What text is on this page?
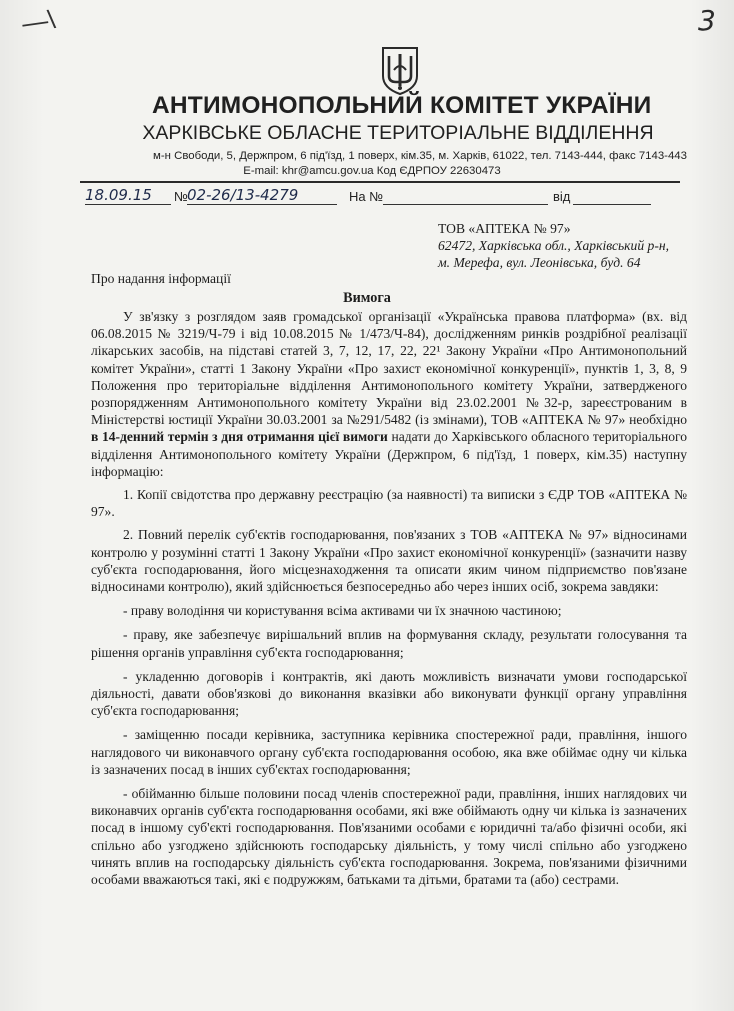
—\	3
АНТИМОНОПОЛЬНИЙ КОМІТЕТ УКРАЇНИ
ХАРКІВСЬКЕ ОБЛАСНЕ ТЕРИТОРІАЛЬНЕ ВІДДІЛЕННЯ
м-н Свободи, 5, Держпром, 6 під'їзд, 1 поверх, кім.35, м. Харків, 61022, тел. 7143-444, факс 7143-443
E-mail: khr@amcu.gov.ua Код ЄДРПОУ 22630473
18.09.15 № 02-26/13-4279	На №	від
ТОВ «АПТЕКА № 97»
62472, Харківська обл., Харківський р-н,
м. Мерефа, вул. Леонівська, буд. 64
Про надання інформації
Вимога

У зв'язку з розглядом заяв громадської організації «Українська правова платформа» (вх. від 06.08.2015 № 3219/Ч-79 і від 10.08.2015 № 1/473/Ч-84), дослідженням ринків роздрібної реалізації лікарських засобів, на підставі статей 3, 7, 12, 17, 22, 22¹ Закону України «Про Антимонопольний комітет України», статті 1 Закону України «Про захист економічної конкуренції», пунктів 1, 3, 8, 9 Положення про територіальне відділення Антимонопольного комітету України, затвердженого розпорядженням Антимонопольного комітету України від 23.02.2001 №32-р, зареєстрованим в Міністерстві юстиції України 30.03.2001 за №291/5482 (із змінами), ТОВ «АПТЕКА № 97» необхідно в 14-денний термін з дня отримання цієї вимоги надати до Харківського обласного територіального відділення Антимонопольного комітету України (Держпром, 6 під'їзд, 1 поверх, кім.35) наступну інформацію:

1. Копії свідотства про державну реєстрацію (за наявності) та виписки з ЄДР ТОВ «АПТЕКА № 97».

2. Повний перелік суб'єктів господарювання, пов'язаних з ТОВ «АПТЕКА № 97» відносинами контролю у розумінні статті 1 Закону України «Про захист економічної конкуренції» (зазначити назву суб'єкта господарювання, його місцезнаходження та описати яким чином підприємство пов'язане відносинами контролю), який здійснюється безпосередньо або через інших осіб, зокрема завдяки:

- праву володіння чи користування всіма активами чи їх значною частиною;

- праву, яке забезпечує вирішальний вплив на формування складу, результати голосування та рішення органів управління суб'єкта господарювання;

- укладенню договорів і контрактів, які дають можливість визначати умови господарської діяльності, давати обов'язкові до виконання вказівки або виконувати функції органу управління суб'єкта господарювання;

- заміщенню посади керівника, заступника керівника спостережної ради, правління, іншого наглядового чи виконавчого органу суб'єкта господарювання особою, яка вже обіймає одну чи кілька із зазначених посад в інших суб'єктах господарювання;

- обійманню більше половини посад членів спостережної ради, правління, інших наглядових чи виконавчих органів суб'єкта господарювання особами, які вже обіймають одну чи кілька із зазначених посад в іншому суб'єкті господарювання. Пов'язаними особами є юридичні та/або фізичні особи, які спільно або узгоджено здійснюють господарську діяльність, у тому числі спільно або узгоджено чинять вплив на господарську діяльність суб'єкта господарювання. Зокрема, пов'язаними фізичними особами вважаються такі, які є подружжям, батьками та дітьми, братами та (або) сестрами.
